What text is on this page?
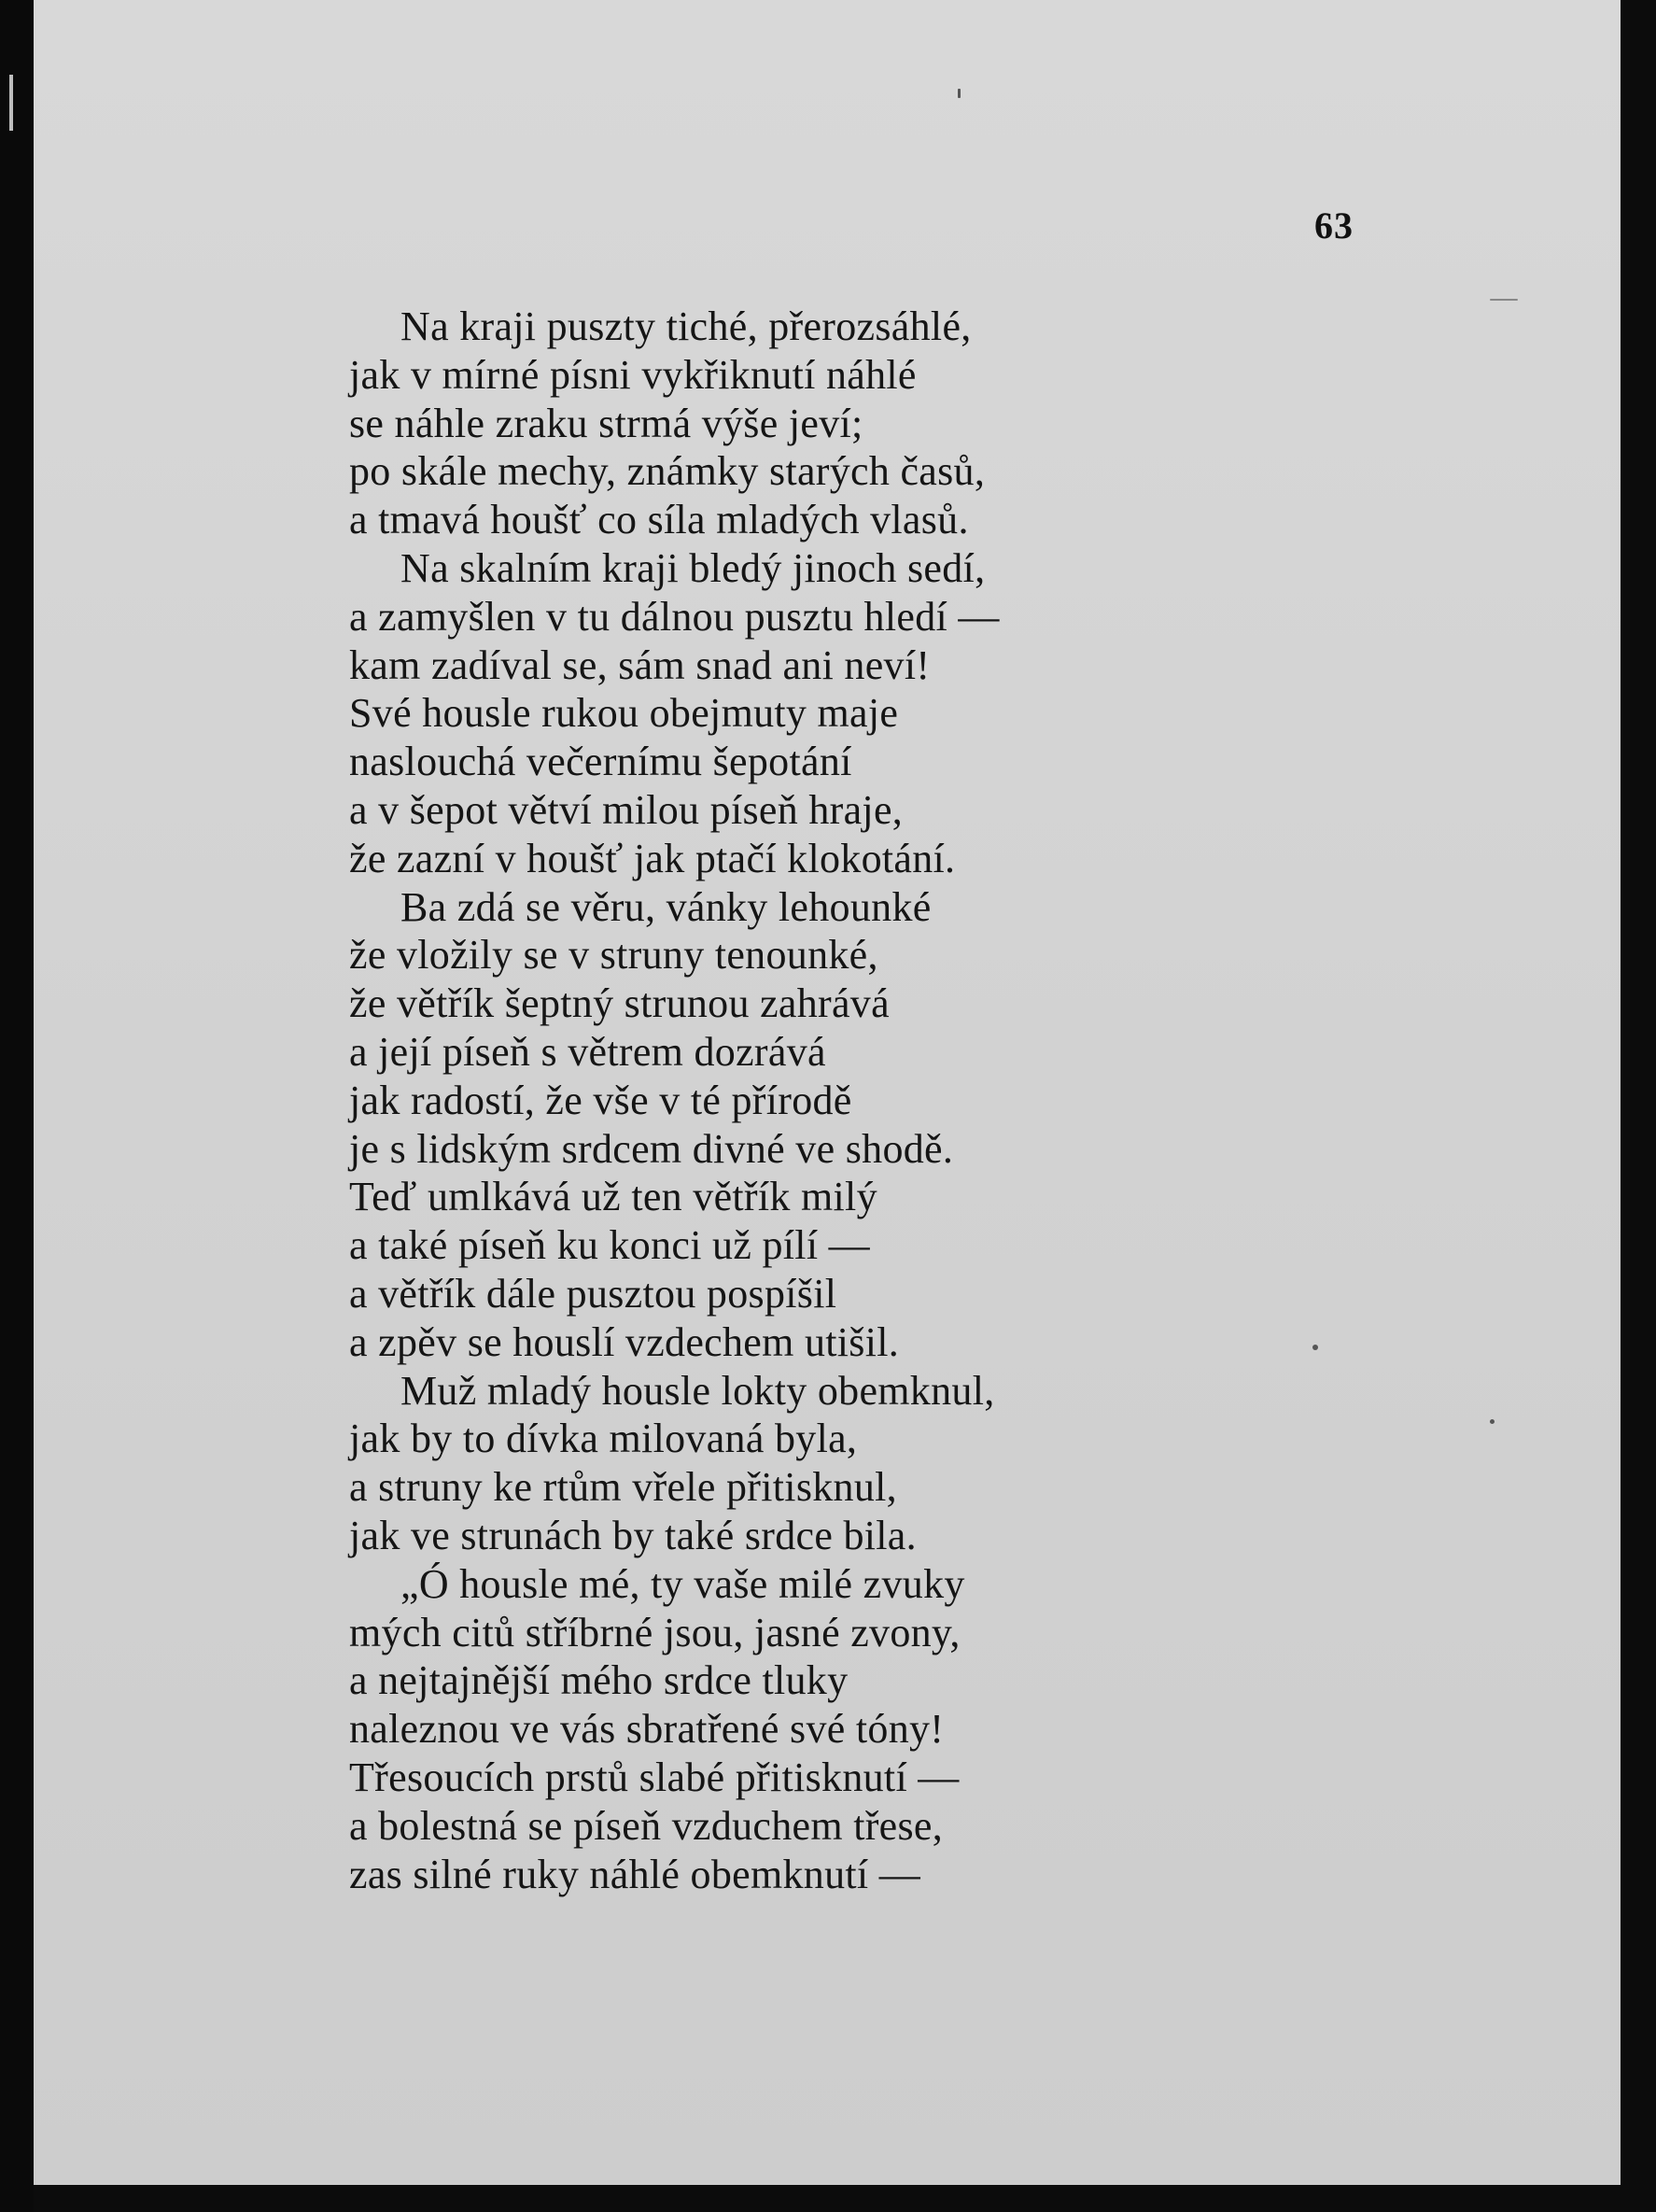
63
Na kraji puszty tiché, přerozsáhlé,
jak v mírné písni vykřiknutí náhlé
se náhle zraku strmá výše jeví;
po skále mechy, známky starých časů,
a tmavá houšť co síla mladých vlasů.
Na skalním kraji bledý jinoch sedí,
a zamyšlen v tu dálnou pusztu hledí —
kam zadíval se, sám snad ani neví!
Své housle rukou obejmuty maje
naslouchá večernímu šepotání
a v šepot větví milou píseň hraje,
že zazní v houšť jak ptačí klokotání.
Ba zdá se věru, vánky lehounké
že vložily se v struny tenounké,
že větřík šeptný strunou zahrává
a její píseň s větrem dozrává
jak radostí, že vše v té přírodě
je s lidským srdcem divné ve shodě.
Teď umlkává už ten větřík milý
a také píseň ku konci už pílí —
a větřík dále pusztou pospíšil
a zpěv se houslí vzdechem utišil.
Muž mladý housle lokty obemknul,
jak by to dívka milovaná byla,
a struny ke rtům vřele přitisknul,
jak ve strunách by také srdce bila.
„Ó housle mé, ty vaše milé zvuky
mých citů stříbrné jsou, jasné zvony,
a nejtajnější mého srdce tluky
naleznou ve vás sbratřené své tóny!
Třesoucích prstů slabé přitisknutí —
a bolestná se píseň vzduchem třese,
zas silné ruky náhlé obemknutí —
